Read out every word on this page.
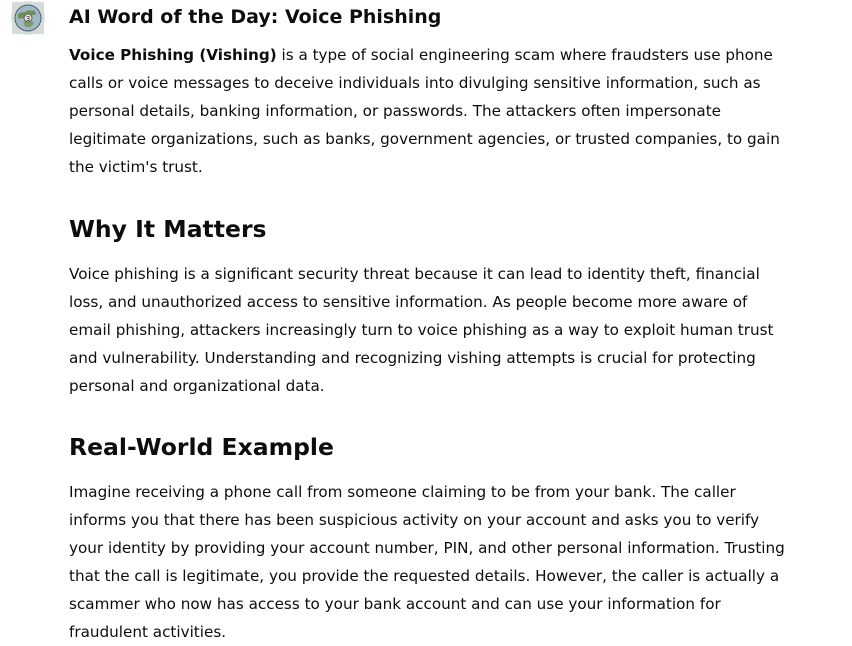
3 AI Word of the Day: Voice Phishing

Voice Phishing (Vishing) is a type of social engineering scam where fraudsters use phone calls or voice messages to deceive individuals into divulging sensitive information, such as personal details, banking information, or passwords. The attackers often impersonate legitimate organizations, such as banks, government agencies, or trusted companies, to gain the victim's trust.

Why It Matters

Voice phishing is a significant security threat because it can lead to identity theft, financial loss, and unauthorized access to sensitive information. As people become more aware of email phishing, attackers increasingly turn to voice phishing as a way to exploit human trust and vulnerability. Understanding and recognizing vishing attempts is crucial for protecting personal and organizational data.

Real-World Example

Imagine receiving a phone call from someone claiming to be from your bank. The caller informs you that there has been suspicious activity on your account and asks you to verify your identity by providing your account number, PIN, and other personal information. Trusting that the call is legitimate, you provide the requested details. However, the caller is actually a scammer who now has access to your bank account and can use your information for fraudulent activities.
